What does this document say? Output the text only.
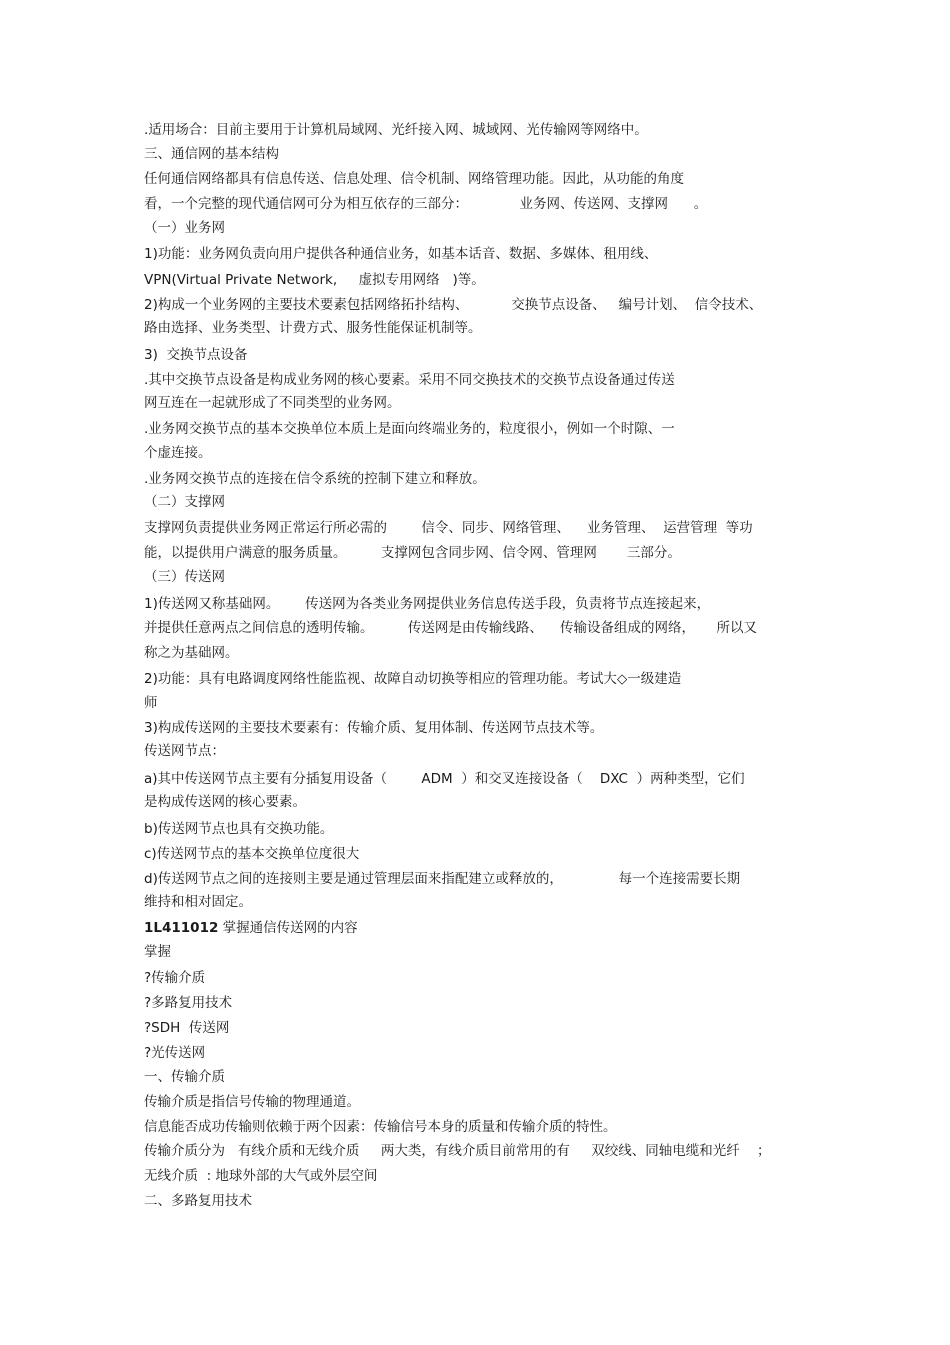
.适用场合：目前主要用于计算机局域网、光纤接入网、城域网、光传输网等网络中。
三、通信网的基本结构
任何通信网络都具有信息传送、信息处理、信令机制、网络管理功能。因此，从功能的角度
看，一个完整的现代通信网可分为相互依存的三部分：            业务网、传送网、支撑网      。
（一）业务网
1)功能：业务网负责向用户提供各种通信业务，如基本话音、数据、多媒体、租用线、
VPN(Virtual Private Network,     虚拟专用网络   )等。
2)构成一个业务网的主要技术要素包括网络拓扑结构、          交换节点设备、   编号计划、  信令技术、
路由选择、业务类型、计费方式、服务性能保证机制等。
3)  交换节点设备
.其中交换节点设备是构成业务网的核心要素。采用不同交换技术的交换节点设备通过传送
网互连在一起就形成了不同类型的业务网。
.业务网交换节点的基本交换单位本质上是面向终端业务的，粒度很小，例如一个时隙、一
个虚连接。
.业务网交换节点的连接在信令系统的控制下建立和释放。
（二）支撑网
支撑网负责提供业务网正常运行所必需的        信令、同步、网络管理、    业务管理、  运营管理  等功
能，以提供用户满意的服务质量。        支撑网包含同步网、信令网、管理网       三部分。
（三）传送网
1)传送网又称基础网。      传送网为各类业务网提供业务信息传送手段，负责将节点连接起来，
并提供任意两点之间信息的透明传输。        传送网是由传输线路、    传输设备组成的网络，     所以又
称之为基础网。
2)功能：具有电路调度网络性能监视、故障自动切换等相应的管理功能。考试大◇一级建造
师
3)构成传送网的主要技术要素有：传输介质、复用体制、传送网节点技术等。
传送网节点：
a)其中传送网节点主要有分插复用设备（        ADM  ）和交叉连接设备（    DXC  ）两种类型，它们
是构成传送网的核心要素。
b)传送网节点也具有交换功能。
c)传送网节点的基本交换单位度很大
d)传送网节点之间的连接则主要是通过管理层面来指配建立或释放的，             每一个连接需要长期
维持和相对固定。
1L411012 掌握通信传送网的内容
掌握
?传输介质
?多路复用技术
?SDH  传送网
?光传送网
一、传输介质
传输介质是指信号传输的物理通道。
信息能否成功传输则依赖于两个因素：传输信号本身的质量和传输介质的特性。
传输介质分为   有线介质和无线介质     两大类，有线介质目前常用的有     双绞线、同轴电缆和光纤    ；
无线介质  : 地球外部的大气或外层空间
二、多路复用技术
